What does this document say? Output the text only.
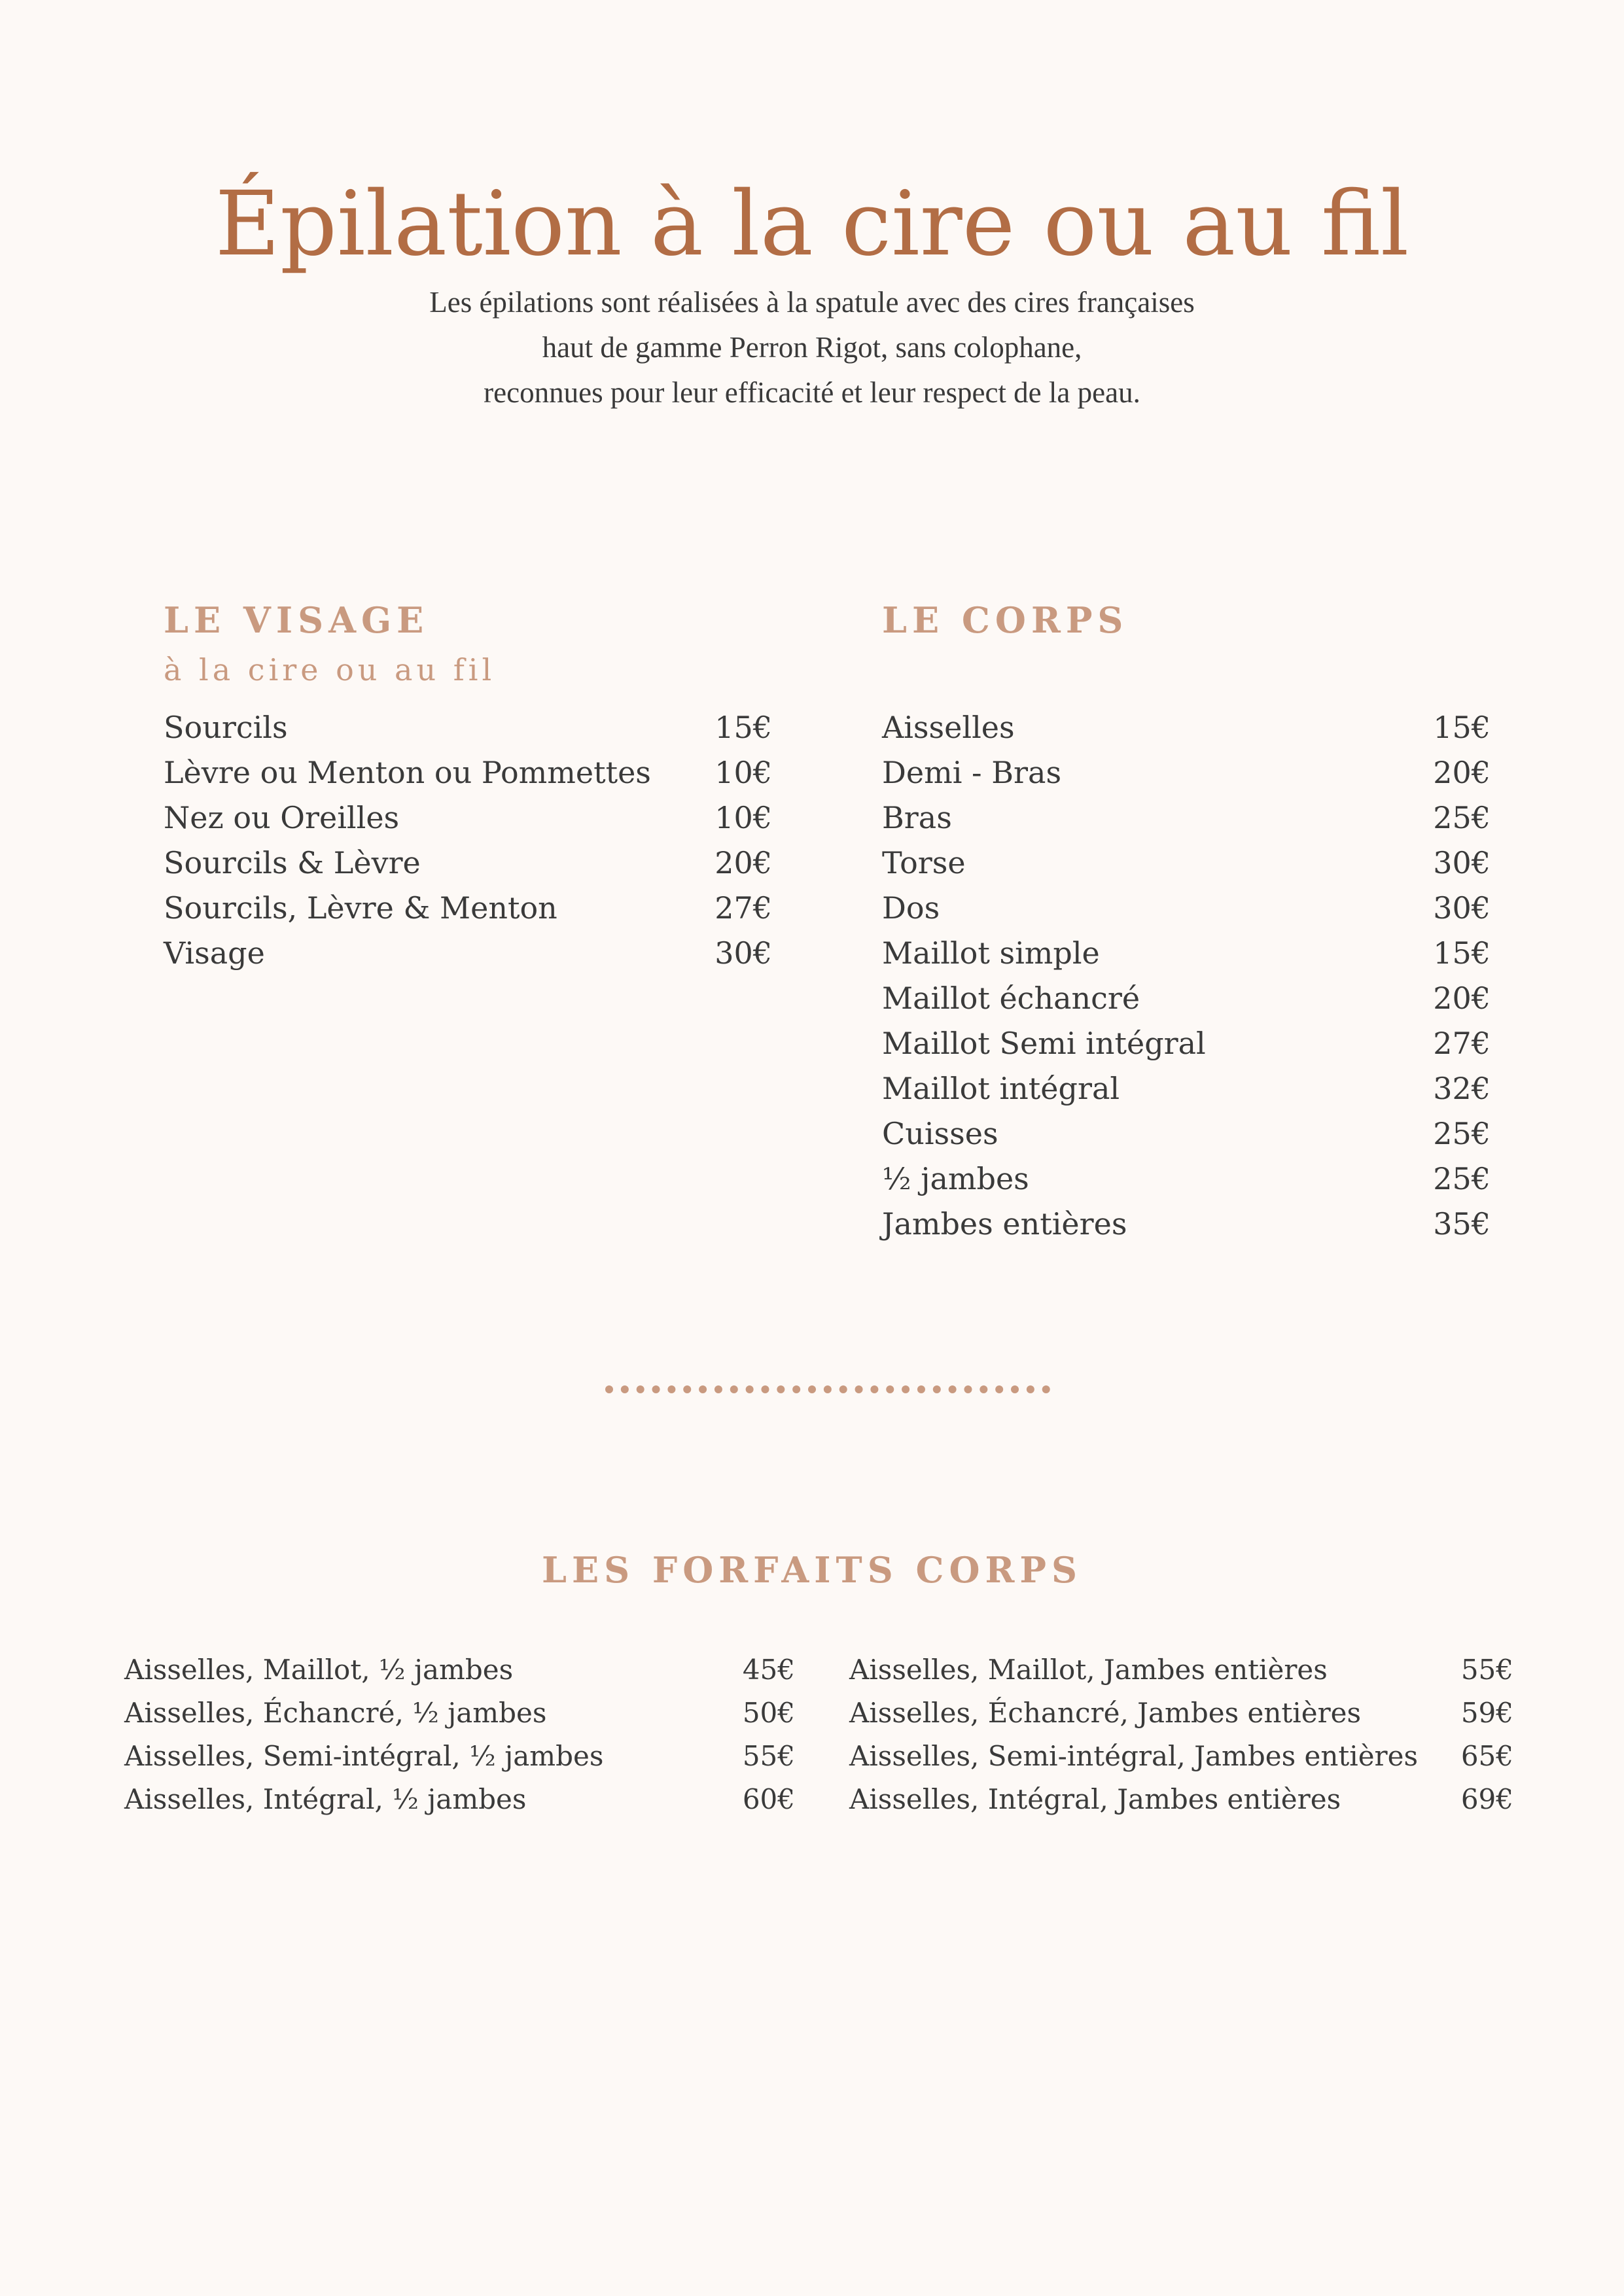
Épilation à la cire ou au fil
Les épilations sont réalisées à la spatule avec des cires françaises
haut de gamme Perron Rigot, sans colophane,
reconnues pour leur efficacité et leur respect de la peau.
LE VISAGE
à la cire ou au fil
Sourcils	15€
Lèvre ou Menton ou Pommettes 10€
Nez ou Oreilles	10€
Sourcils & Lèvre	20€
Sourcils, Lèvre & Menton	27€
Visage	30€
LE CORPS
Aisselles	15€
Demi - Bras	20€
Bras	25€
Torse	30€
Dos	30€
Maillot simple	15€
Maillot échancré	20€
Maillot Semi intégral	27€
Maillot intégral	32€
Cuisses	25€
½ jambes	25€
Jambes entières	35€
LES FORFAITS CORPS
Aisselles, Maillot, ½ jambes	45€
Aisselles, Échancré, ½ jambes	50€
Aisselles, Semi-intégral, ½ jambes	55€
Aisselles, Intégral, ½ jambes	60€
Aisselles, Maillot, Jambes entières	55€
Aisselles, Échancré, Jambes entières	59€
Aisselles, Semi-intégral, Jambes entières 65€
Aisselles, Intégral, Jambes entières	69€
